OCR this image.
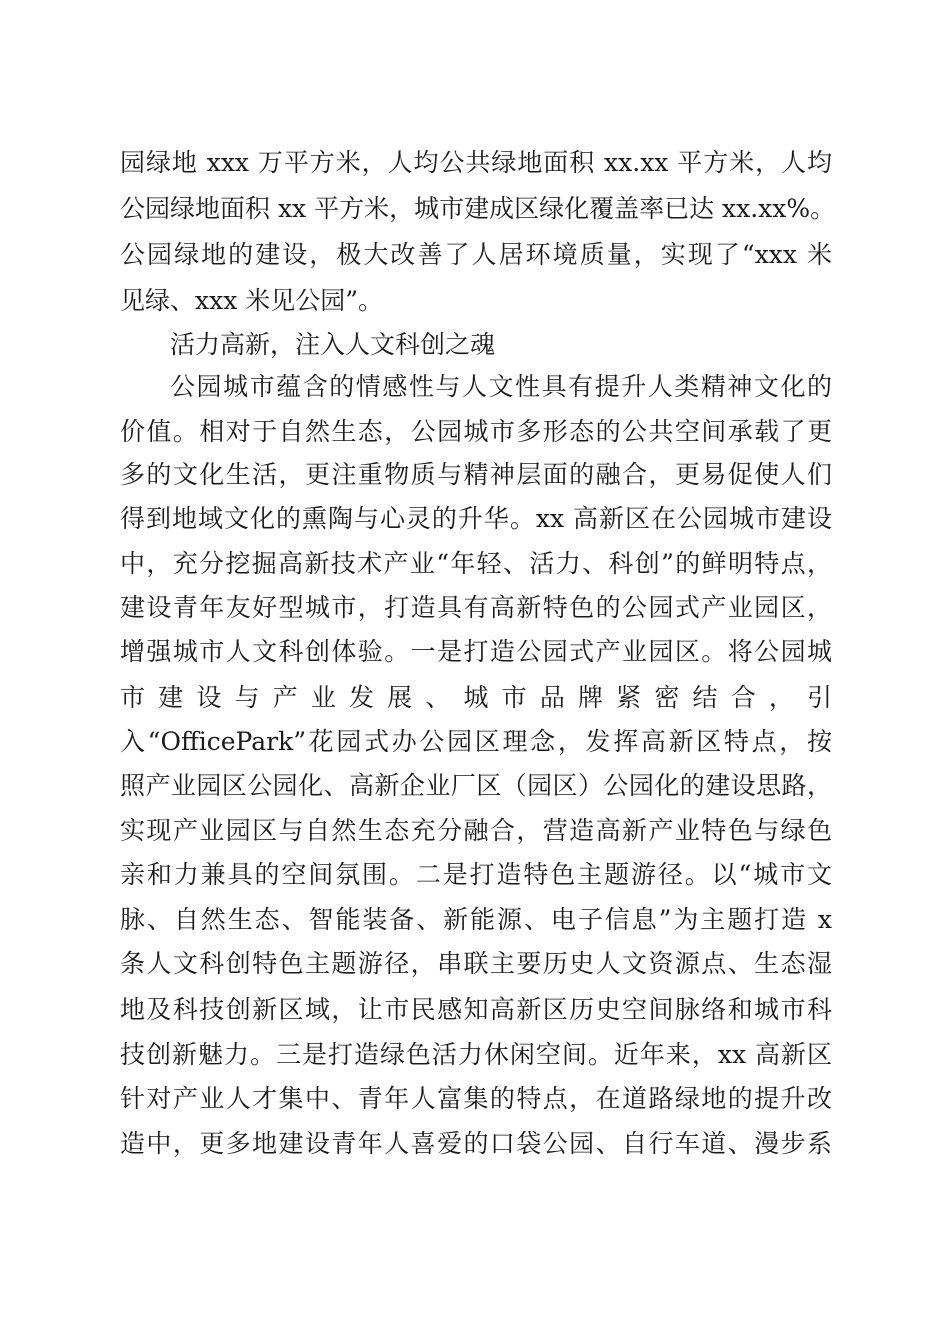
园绿地 xxx 万平方米，人均公共绿地面积 xx.xx 平方米，人均
公园绿地面积 xx 平方米，城市建成区绿化覆盖率已达 xx.xx%。
公园绿地的建设，极大改善了人居环境质量，实现了“xxx 米
见绿、xxx 米见公园”。
活力高新，注入人文科创之魂
公园城市蕴含的情感性与人文性具有提升人类精神文化的
价值。相对于自然生态，公园城市多形态的公共空间承载了更
多的文化生活，更注重物质与精神层面的融合，更易促使人们
得到地域文化的熏陶与心灵的升华。xx 高新区在公园城市建设
中，充分挖掘高新技术产业“年轻、活力、科创”的鲜明特点，
建设青年友好型城市，打造具有高新特色的公园式产业园区，
增强城市人文科创体验。一是打造公园式产业园区。将公园城
市建设与产业发展、城市品牌紧密结合，引
入“OfficePark”花园式办公园区理念，发挥高新区特点，按
照产业园区公园化、高新企业厂区（园区）公园化的建设思路，
实现产业园区与自然生态充分融合，营造高新产业特色与绿色
亲和力兼具的空间氛围。二是打造特色主题游径。以“城市文
脉、自然生态、智能装备、新能源、电子信息”为主题打造 x
条人文科创特色主题游径，串联主要历史人文资源点、生态湿
地及科技创新区域，让市民感知高新区历史空间脉络和城市科
技创新魅力。三是打造绿色活力休闲空间。近年来，xx 高新区
针对产业人才集中、青年人富集的特点，在道路绿地的提升改
造中，更多地建设青年人喜爱的口袋公园、自行车道、漫步系
